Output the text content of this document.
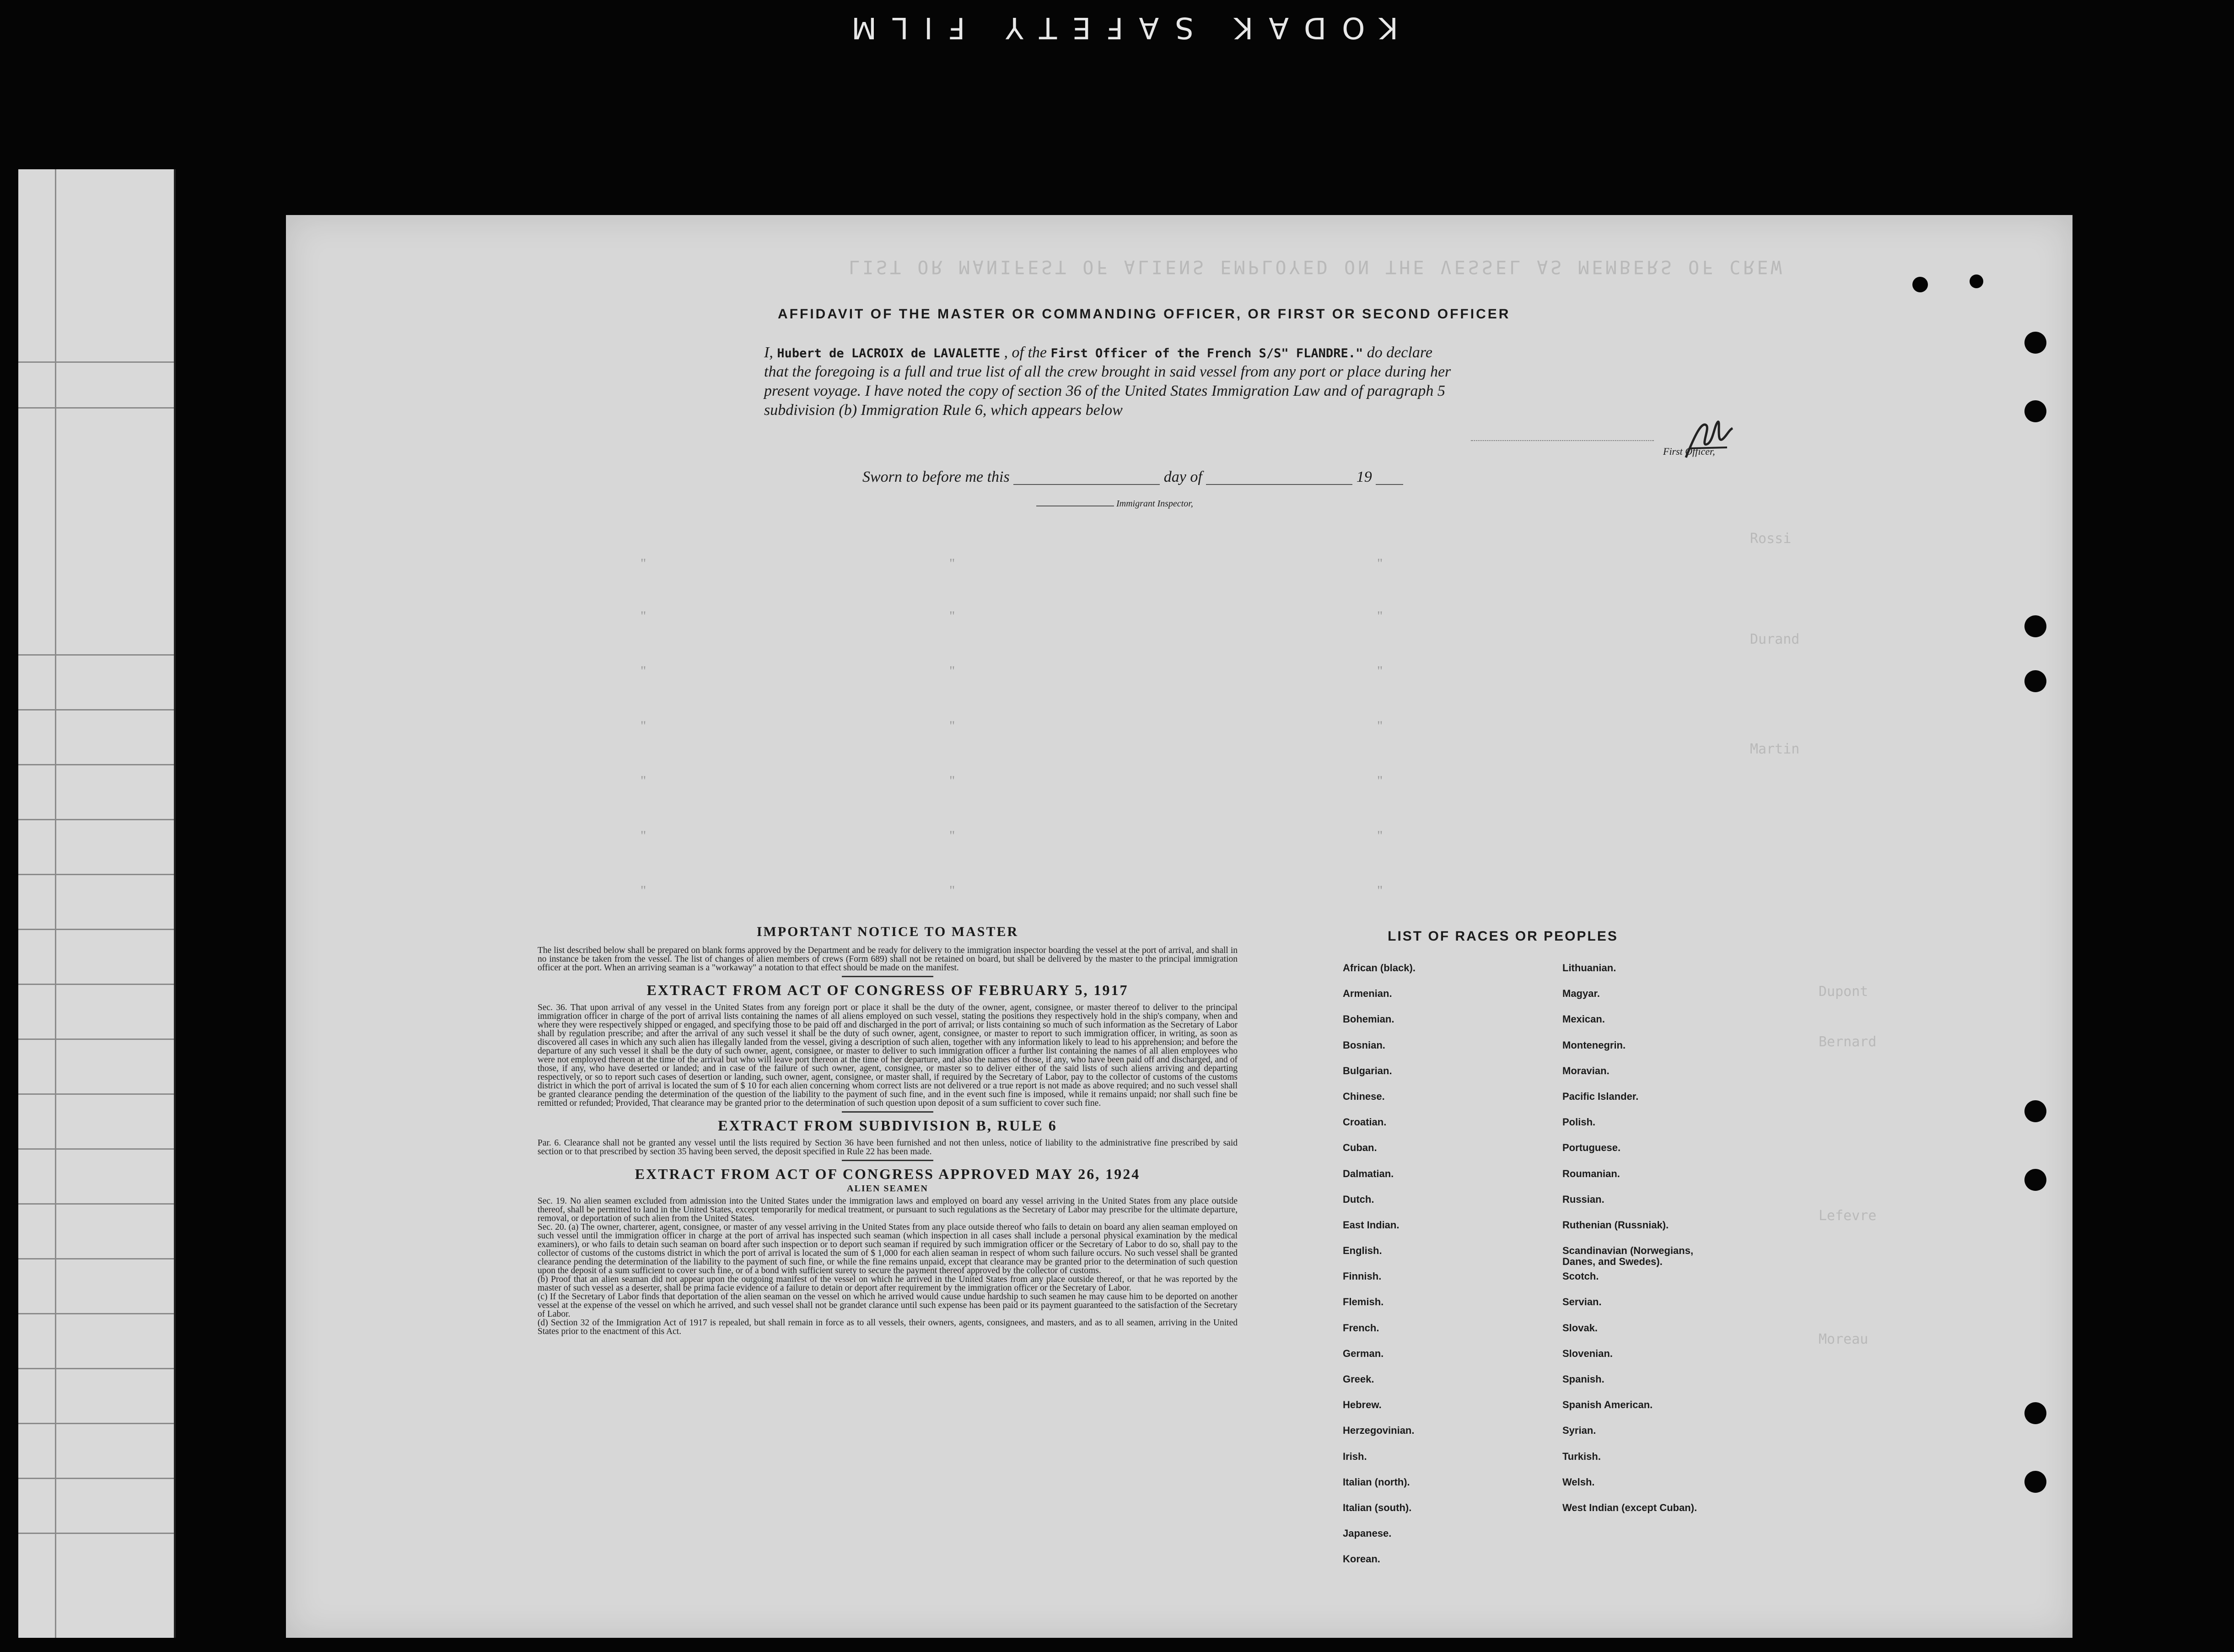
KODAK SAFETY FILM
LIST OR MANIFEST OF ALIENS EMPLOYED ON THE VESSEL AS MEMBERS OF CREW
Rossi
Durand
Martin
Dupont
Bernard
Lefevre
Moreau
"
"
"
"
"
"
"
"
"
"
"
"
"
"
"
"
"
"
"
"
"
AFFIDAVIT OF THE MASTER OR COMMANDING OFFICER, OR FIRST OR SECOND OFFICER
I, Hubert de LACROIX de LAVALETTE , of the First Officer of the French S/S" FLANDRE." do declare
that the foregoing is a full and true list of all the crew brought in said vessel from any port or place during her
present voyage. I have noted the copy of section 36 of the United States Immigration Law and of paragraph 5
subdivision (b) Immigration Rule 6, which appears below
First Officer,
Sworn to before me this	day of	19
Immigrant Inspector,
IMPORTANT NOTICE TO MASTER

The list described below shall be prepared on blank forms approved by the Department and be ready for delivery to the immigration inspector boarding the vessel at the port of arrival, and shall in no instance be taken from the vessel. The list of changes of alien members of crews (Form 689) shall not be retained on board, but shall be delivered by the master to the principal immigration officer at the port. When an arriving seaman is a "workaway" a notation to that effect should be made on the manifest.

EXTRACT FROM ACT OF CONGRESS OF FEBRUARY 5, 1917

Sec. 36. That upon arrival of any vessel in the United States from any foreign port or place it shall be the duty of the owner, agent, consignee, or master thereof to deliver to the principal immigration officer in charge of the port of arrival lists containing the names of all aliens employed on such vessel, stating the positions they respectively hold in the ship's company, when and where they were respectively shipped or engaged, and specifying those to be paid off and discharged in the port of arrival; or lists containing so much of such information as the Secretary of Labor shall by regulation prescribe; and after the arrival of any such vessel it shall be the duty of such owner, agent, consignee, or master to report to such immigration officer, in writing, as soon as discovered all cases in which any such alien has illegally landed from the vessel, giving a description of such alien, together with any information likely to lead to his apprehension; and before the departure of any such vessel it shall be the duty of such owner, agent, consignee, or master to deliver to such immigration officer a further list containing the names of all alien employees who were not employed thereon at the time of the arrival but who will leave port thereon at the time of her departure, and also the names of those, if any, who have been paid off and discharged, and of those, if any, who have deserted or landed; and in case of the failure of such owner, agent, consignee, or master so to deliver either of the said lists of such aliens arriving and departing respectively, or so to report such cases of desertion or landing, such owner, agent, consignee, or master shall, if required by the Secretary of Labor, pay to the collector of customs of the customs district in which the port of arrival is located the sum of $ 10 for each alien concerning whom correct lists are not delivered or a true report is not made as above required; and no such vessel shall be granted clearance pending the determination of the question of the liability to the payment of such fine, and in the event such fine is imposed, while it remains unpaid; nor shall such fine be remitted or refunded; Provided, That clearance may be granted prior to the determination of such question upon deposit of a sum sufficient to cover such fine.

EXTRACT FROM SUBDIVISION B, RULE 6

Par. 6. Clearance shall not be granted any vessel until the lists required by Section 36 have been furnished and not then unless, notice of liability to the administrative fine prescribed by said section or to that prescribed by section 35 having been served, the deposit specified in Rule 22 has been made.

EXTRACT FROM ACT OF CONGRESS APPROVED MAY 26, 1924
ALIEN SEAMEN

Sec. 19. No alien seamen excluded from admission into the United States under the immigration laws and employed on board any vessel arriving in the United States from any place outside thereof, shall be permitted to land in the United States, except temporarily for medical treatment, or pursuant to such regulations as the Secretary of Labor may prescribe for the ultimate departure, removal, or deportation of such alien from the United States.

Sec. 20. (a) The owner, charterer, agent, consignee, or master of any vessel arriving in the United States from any place outside thereof who fails to detain on board any alien seaman employed on such vessel until the immigration officer in charge at the port of arrival has inspected such seaman (which inspection in all cases shall include a personal physical examination by the medical examiners), or who fails to detain such seaman on board after such inspection or to deport such seaman if required by such immigration officer or the Secretary of Labor to do so, shall pay to the collector of customs of the customs district in which the port of arrival is located the sum of $ 1,000 for each alien seaman in respect of whom such failure occurs. No such vessel shall be granted clearance pending the determination of the liability to the payment of such fine, or while the fine remains unpaid, except that clearance may be granted prior to the determination of such question upon the deposit of a sum sufficient to cover such fine, or of a bond with sufficient surety to secure the payment thereof approved by the collector of customs.

(b) Proof that an alien seaman did not appear upon the outgoing manifest of the vessel on which he arrived in the United States from any place outside thereof, or that he was reported by the master of such vessel as a deserter, shall be prima facie evidence of a failure to detain or deport after requirement by the immigration officer or the Secretary of Labor.

(c) If the Secretary of Labor finds that deportation of the alien seaman on the vessel on which he arrived would cause undue hardship to such seamen he may cause him to be deported on another vessel at the expense of the vessel on which he arrived, and such vessel shall not be grandet clarance until such expense has been paid or its payment guaranteed to the satisfaction of the Secretary of Labor.

(d) Section 32 of the Immigration Act of 1917 is repealed, but shall remain in force as to all vessels, their owners, agents, consignees, and masters, and as to all seamen, arriving in the United States prior to the enactment of this Act.

LIST OF RACES OR PEOPLES
African (black).
Armenian.
Bohemian.
Bosnian.
Bulgarian.
Chinese.
Croatian.
Cuban.
Dalmatian.
Dutch.
East Indian.
English.
Finnish.
Flemish.
French.
German.
Greek.
Hebrew.
Herzegovinian.
Irish.
Italian (north).
Italian (south).
Japanese.
Korean.
Lithuanian.
Magyar.
Mexican.
Montenegrin.
Moravian.
Pacific Islander.
Polish.
Portuguese.
Roumanian.
Russian.
Ruthenian (Russniak).
Scandinavian (Norwegians, Danes, and Swedes).
Scotch.
Servian.
Slovak.
Slovenian.
Spanish.
Spanish American.
Syrian.
Turkish.
Welsh.
West Indian (except Cuban).
